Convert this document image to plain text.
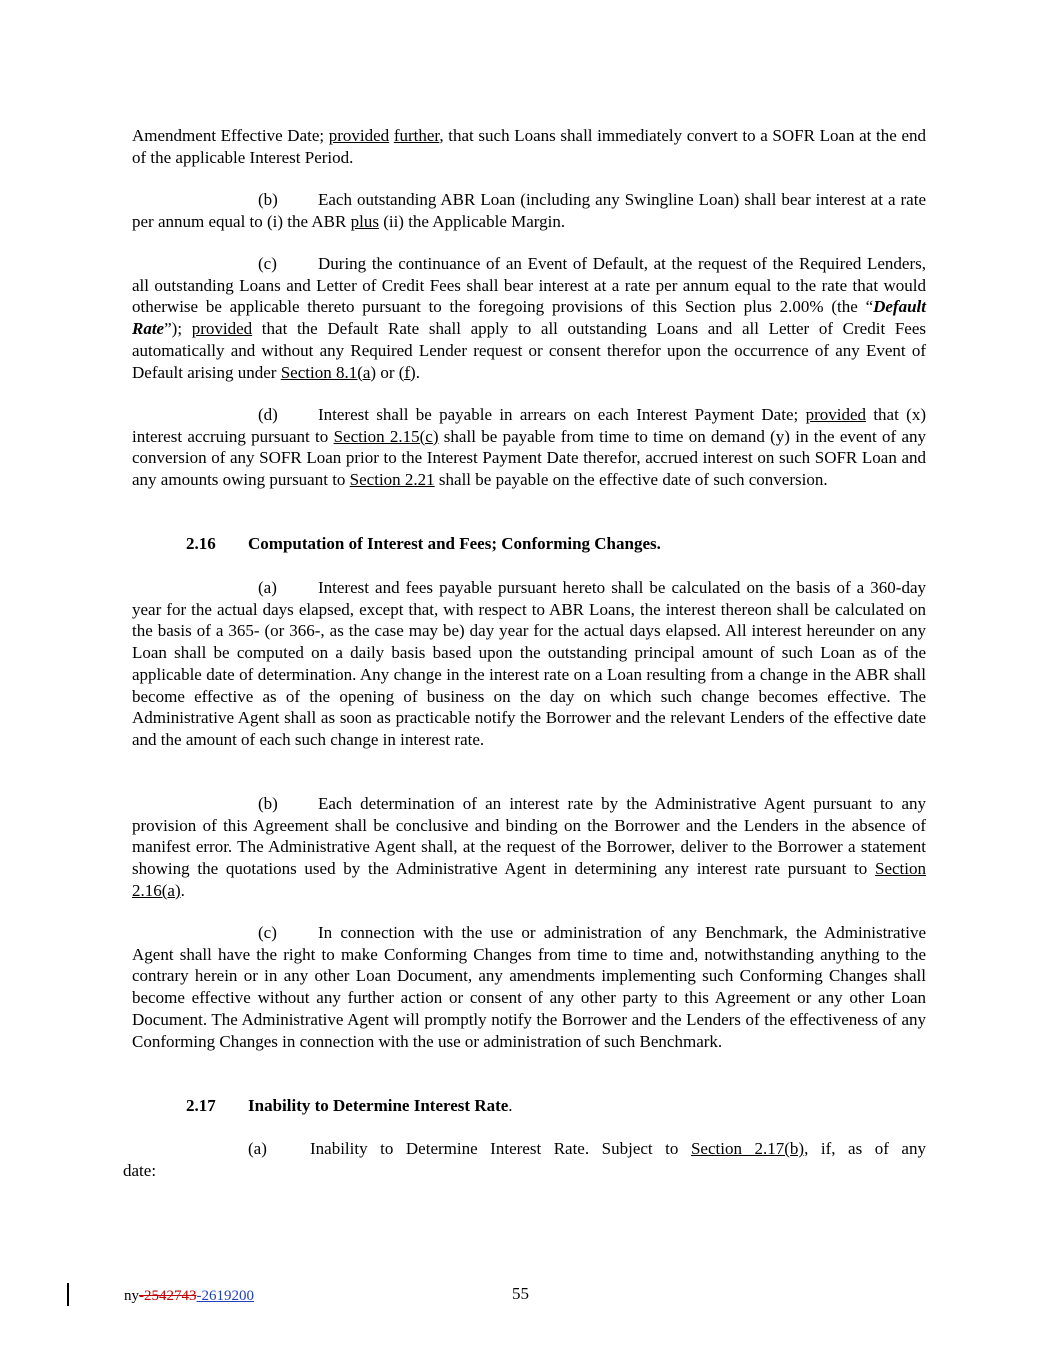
Amendment Effective Date; provided further, that such Loans shall immediately convert to a SOFR Loan at the end of the applicable Interest Period.

(b) Each outstanding ABR Loan (including any Swingline Loan) shall bear interest at a rate per annum equal to (i) the ABR plus (ii) the Applicable Margin.

(c) During the continuance of an Event of Default, at the request of the Required Lenders, all outstanding Loans and Letter of Credit Fees shall bear interest at a rate per annum equal to the rate that would otherwise be applicable thereto pursuant to the foregoing provisions of this Section plus 2.00% (the “Default Rate”); provided that the Default Rate shall apply to all outstanding Loans and all Letter of Credit Fees automatically and without any Required Lender request or consent therefor upon the occurrence of any Event of Default arising under Section 8.1(a) or (f).

(d) Interest shall be payable in arrears on each Interest Payment Date; provided that (x) interest accruing pursuant to Section 2.15(c) shall be payable from time to time on demand (y) in the event of any conversion of any SOFR Loan prior to the Interest Payment Date therefor, accrued interest on such SOFR Loan and any amounts owing pursuant to Section 2.21 shall be payable on the effective date of such conversion.

2.16 Computation of Interest and Fees; Conforming Changes.

(a) Interest and fees payable pursuant hereto shall be calculated on the basis of a 360-day year for the actual days elapsed, except that, with respect to ABR Loans, the interest thereon shall be calculated on the basis of a 365- (or 366-, as the case may be) day year for the actual days elapsed. All interest hereunder on any Loan shall be computed on a daily basis based upon the outstanding principal amount of such Loan as of the applicable date of determination. Any change in the interest rate on a Loan resulting from a change in the ABR shall become effective as of the opening of business on the day on which such change becomes effective. The Administrative Agent shall as soon as practicable notify the Borrower and the relevant Lenders of the effective date and the amount of each such change in interest rate.

(b) Each determination of an interest rate by the Administrative Agent pursuant to any provision of this Agreement shall be conclusive and binding on the Borrower and the Lenders in the absence of manifest error. The Administrative Agent shall, at the request of the Borrower, deliver to the Borrower a statement showing the quotations used by the Administrative Agent in determining any interest rate pursuant to Section 2.16(a).

(c) In connection with the use or administration of any Benchmark, the Administrative Agent shall have the right to make Conforming Changes from time to time and, notwithstanding anything to the contrary herein or in any other Loan Document, any amendments implementing such Conforming Changes shall become effective without any further action or consent of any other party to this Agreement or any other Loan Document. The Administrative Agent will promptly notify the Borrower and the Lenders of the effectiveness of any Conforming Changes in connection with the use or administration of such Benchmark.

2.17 Inability to Determine Interest Rate.

(a)	Inability to Determine Interest Rate. Subject to Section 2.17(b), if, as of any

date:

ny-2542743-2619200	55
